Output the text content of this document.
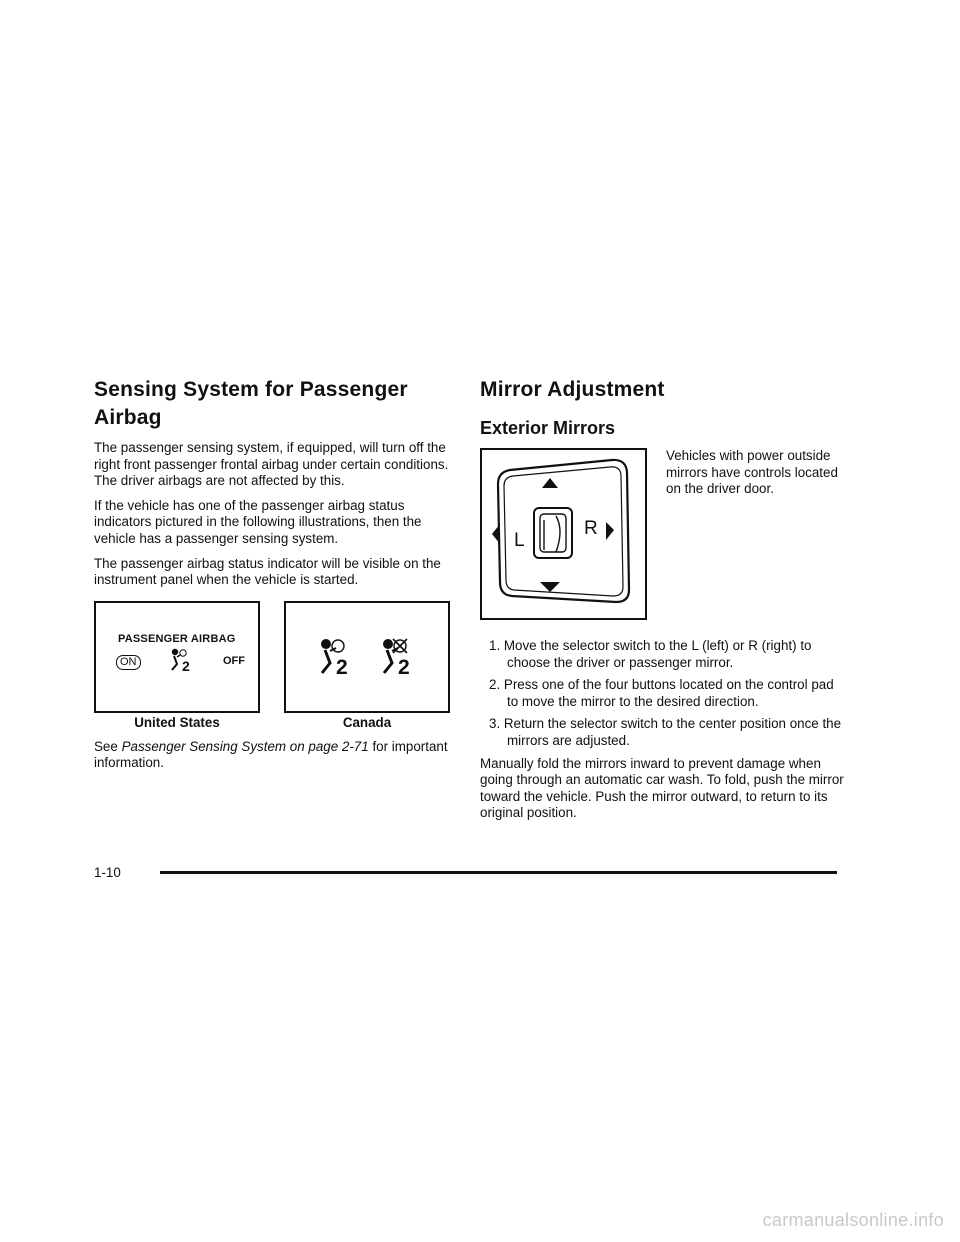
Sensing System for Passenger Airbag

The passenger sensing system, if equipped, will turn off the right front passenger frontal airbag under certain conditions. The driver airbags are not affected by this.

If the vehicle has one of the passenger airbag status indicators pictured in the following illustrations, then the vehicle has a passenger sensing system.

The passenger airbag status indicator will be visible on the instrument panel when the vehicle is started.

PASSENGER AIRBAG
ON	2	OFF
United States
2 2
Canada

See Passenger Sensing System on page 2-71 for important information.

Mirror Adjustment
Exterior Mirrors
L
R
Vehicles with power outside mirrors have controls located on the driver door.
1. Move the selector switch to the L (left) or R (right) to choose the driver or passenger mirror.
2. Press one of the four buttons located on the control pad to move the mirror to the desired direction.
3. Return the selector switch to the center position once the mirrors are adjusted.

Manually fold the mirrors inward to prevent damage when going through an automatic car wash. To fold, push the mirror toward the vehicle. Push the mirror outward, to return to its original position.

1-10
carmanualsonline.info
